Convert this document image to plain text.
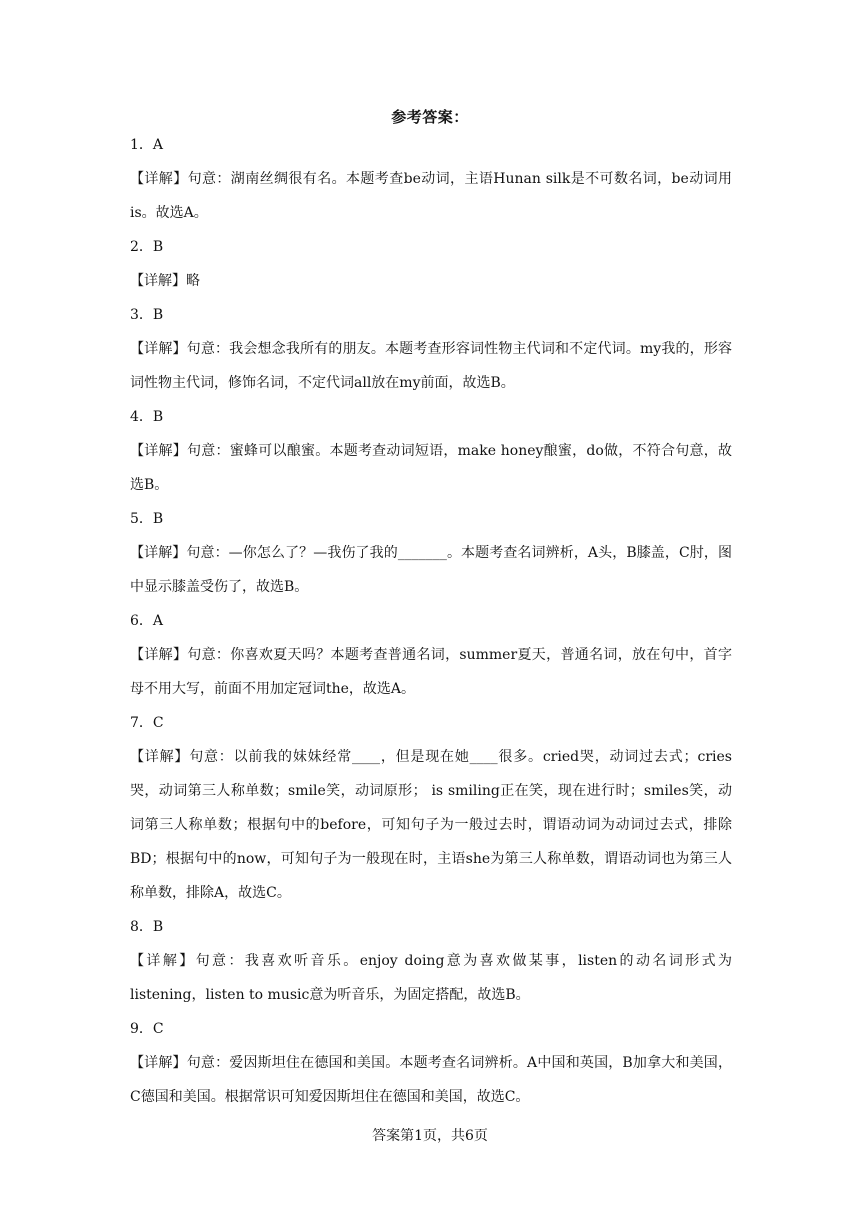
参考答案：
1．A
【详解】句意：湖南丝绸很有名。本题考查be动词，主语Hunan silk是不可数名词，be动词用is。故选A。
2．B
【详解】略
3．B
【详解】句意：我会想念我所有的朋友。本题考查形容词性物主代词和不定代词。my我的，形容词性物主代词，修饰名词，不定代词all放在my前面，故选B。
4．B
【详解】句意：蜜蜂可以酿蜜。本题考查动词短语，make honey酿蜜，do做，不符合句意，故选B。
5．B
【详解】句意：—你怎么了？—我伤了我的_______。本题考查名词辨析，A头，B膝盖，C肘，图中显示膝盖受伤了，故选B。
6．A
【详解】句意：你喜欢夏天吗？本题考查普通名词，summer夏天，普通名词，放在句中，首字母不用大写，前面不用加定冠词the，故选A。
7．C
【详解】句意：以前我的妹妹经常____，但是现在她____很多。cried哭，动词过去式；cries哭，动词第三人称单数；smile笑，动词原形； is smiling正在笑，现在进行时；smiles笑，动词第三人称单数；根据句中的before，可知句子为一般过去时，谓语动词为动词过去式，排除BD；根据句中的now，可知句子为一般现在时，主语she为第三人称单数，谓语动词也为第三人称单数，排除A，故选C。
8．B
【详解】句意：我喜欢听音乐。enjoy doing意为喜欢做某事，listen的动名词形式为listening，listen to music意为听音乐，为固定搭配，故选B。
9．C
【详解】句意：爱因斯坦住在德国和美国。本题考查名词辨析。A中国和英国，B加拿大和美国，C德国和美国。根据常识可知爱因斯坦住在德国和美国，故选C。
答案第1页，共6页
